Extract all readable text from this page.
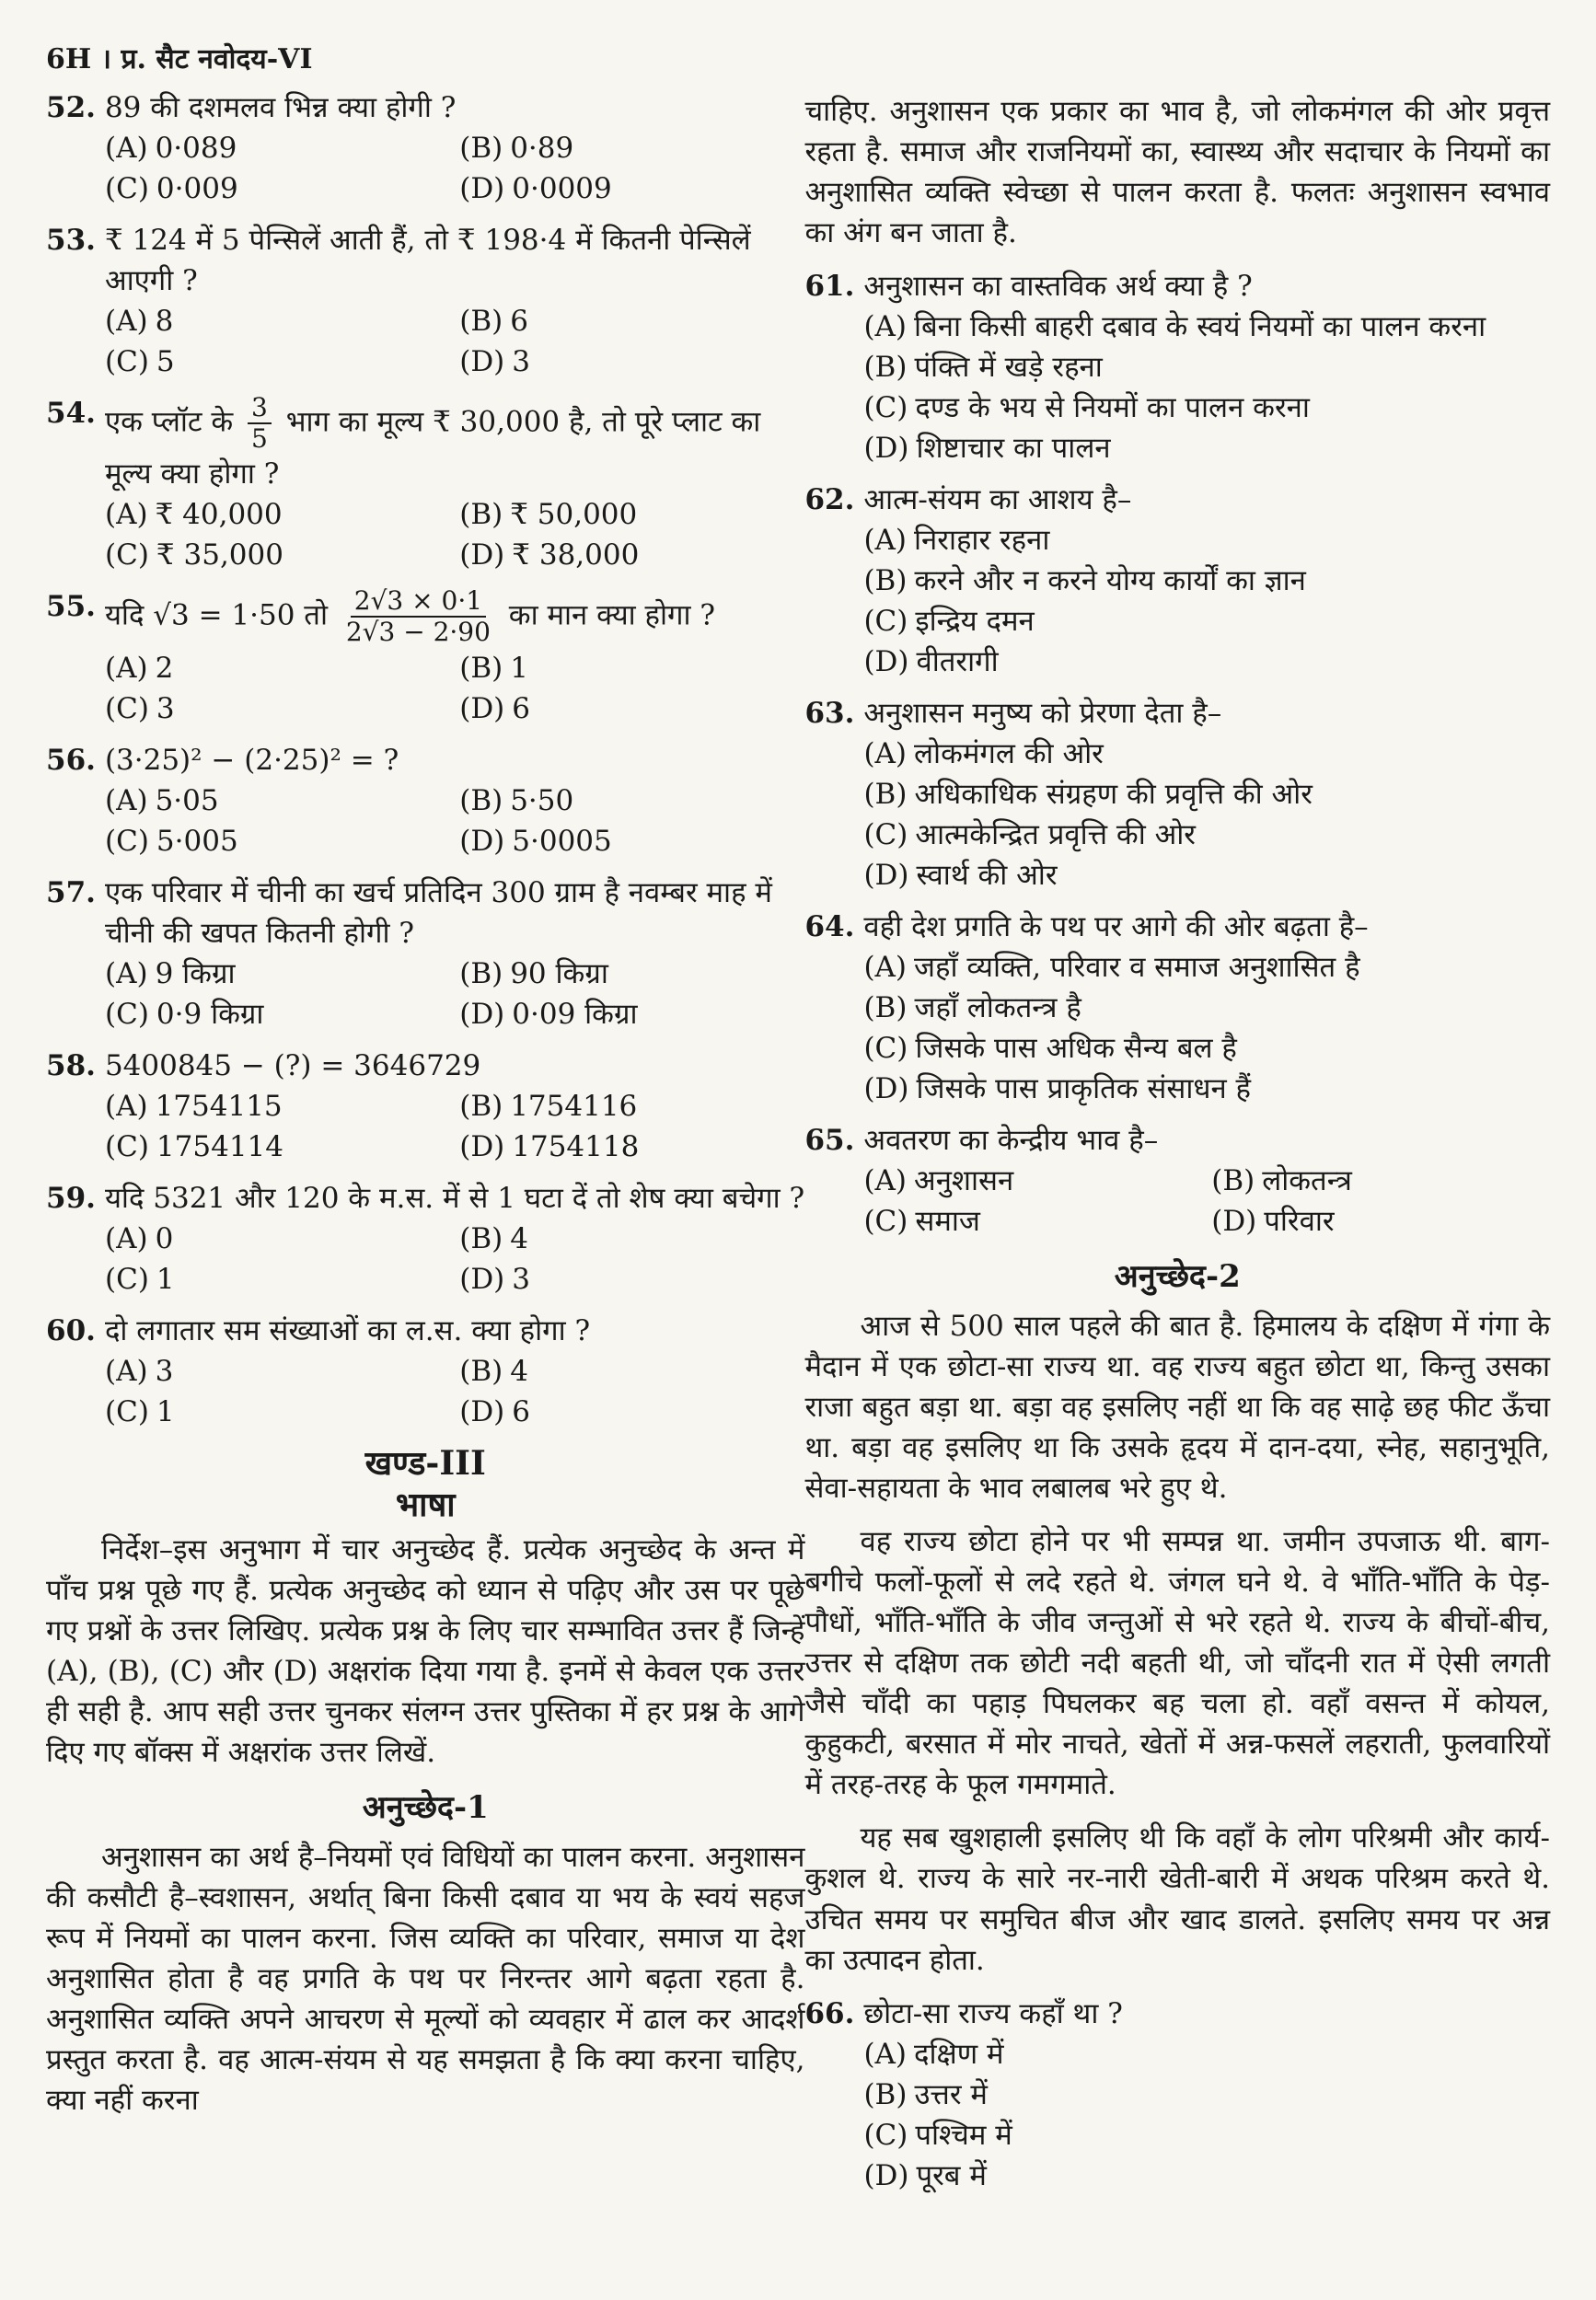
6H । प्र. सैट नवोदय-VI
52. 89 की दशमलव भिन्न क्या होगी ?
(A) 0·089	(B) 0·89
(C) 0·009	(D) 0·0009
53. ₹ 124 में 5 पेन्सिलें आती हैं, तो ₹ 198·4 में कितनी पेन्सिलें आएगी ?
(A) 8	(B) 6
(C) 5	(D) 3
54. एक प्लॉट के $\frac{3}{5}$ भाग का मूल्य ₹ 30,000 है, तो पूरे प्लाट का मूल्य क्या होगा ?
(A) ₹ 40,000	(B) ₹ 50,000
(C) ₹ 35,000	(D) ₹ 38,000
55. यदि √3 = 1·50 तो $\frac{2√3 \times 0\cdot 1}{2√3 - 2\cdot 90}$ का मान क्या होगा ?
(A) 2	(B) 1
(C) 3	(D) 6
56. (3·25)² − (2·25)² = ?
(A) 5·05	(B) 5·50
(C) 5·005	(D) 5·0005
57. एक परिवार में चीनी का खर्च प्रतिदिन 300 ग्राम है नवम्बर माह में चीनी की खपत कितनी होगी ?
(A) 9 किग्रा	(B) 90 किग्रा
(C) 0·9 किग्रा	(D) 0·09 किग्रा
58. 5400845 − (?) = 3646729
(A) 1754115	(B) 1754116
(C) 1754114	(D) 1754118
59. यदि 5321 और 120 के म.स. में से 1 घटा दें तो शेष क्या बचेगा ?
(A) 0	(B) 4
(C) 1	(D) 3
60. दो लगातार सम संख्याओं का ल.स. क्या होगा ?
(A) 3	(B) 4
(C) 1	(D) 6
खण्ड-III
भाषा
निर्देश–इस अनुभाग में चार अनुच्छेद हैं. प्रत्येक अनुच्छेद के अन्त में पाँच प्रश्न पूछे गए हैं. प्रत्येक अनुच्छेद को ध्यान से पढ़िए और उस पर पूछे गए प्रश्नों के उत्तर लिखिए. प्रत्येक प्रश्न के लिए चार सम्भावित उत्तर हैं जिन्हें (A), (B), (C) और (D) अक्षरांक दिया गया है. इनमें से केवल एक उत्तर ही सही है. आप सही उत्तर चुनकर संलग्न उत्तर पुस्तिका में हर प्रश्न के आगे दिए गए बॉक्स में अक्षरांक उत्तर लिखें.
अनुच्छेद-1
अनुशासन का अर्थ है–नियमों एवं विधियों का पालन करना. अनुशासन की कसौटी है–स्वशासन, अर्थात् बिना किसी दबाव या भय के स्वयं सहज रूप में नियमों का पालन करना. जिस व्यक्ति का परिवार, समाज या देश अनुशासित होता है वह प्रगति के पथ पर निरन्तर आगे बढ़ता रहता है. अनुशासित व्यक्ति अपने आचरण से मूल्यों को व्यवहार में ढाल कर आदर्श प्रस्तुत करता है. वह आत्म-संयम से यह समझता है कि क्या करना चाहिए, क्या नहीं करना
चाहिए. अनुशासन एक प्रकार का भाव है, जो लोकमंगल की ओर प्रवृत्त रहता है. समाज और राजनियमों का, स्वास्थ्य और सदाचार के नियमों का अनुशासित व्यक्ति स्वेच्छा से पालन करता है. फलतः अनुशासन स्वभाव का अंग बन जाता है.
61. अनुशासन का वास्तविक अर्थ क्या है ?
(A) बिना किसी बाहरी दबाव के स्वयं नियमों का पालन करना
(B) पंक्ति में खड़े रहना
(C) दण्ड के भय से नियमों का पालन करना
(D) शिष्टाचार का पालन
62. आत्म-संयम का आशय है–
(A) निराहार रहना
(B) करने और न करने योग्य कार्यों का ज्ञान
(C) इन्द्रिय दमन
(D) वीतरागी
63. अनुशासन मनुष्य को प्रेरणा देता है–
(A) लोकमंगल की ओर
(B) अधिकाधिक संग्रहण की प्रवृत्ति की ओर
(C) आत्मकेन्द्रित प्रवृत्ति की ओर
(D) स्वार्थ की ओर
64. वही देश प्रगति के पथ पर आगे की ओर बढ़ता है–
(A) जहाँ व्यक्ति, परिवार व समाज अनुशासित है
(B) जहाँ लोकतन्त्र है
(C) जिसके पास अधिक सैन्य बल है
(D) जिसके पास प्राकृतिक संसाधन हैं
65. अवतरण का केन्द्रीय भाव है–
(A) अनुशासन	(B) लोकतन्त्र
(C) समाज	(D) परिवार
अनुच्छेद-2
आज से 500 साल पहले की बात है. हिमालय के दक्षिण में गंगा के मैदान में एक छोटा-सा राज्य था. वह राज्य बहुत छोटा था, किन्तु उसका राजा बहुत बड़ा था. बड़ा वह इसलिए नहीं था कि वह साढ़े छह फीट ऊँचा था. बड़ा वह इसलिए था कि उसके हृदय में दान-दया, स्नेह, सहानुभूति, सेवा-सहायता के भाव लबालब भरे हुए थे.
वह राज्य छोटा होने पर भी सम्पन्न था. जमीन उपजाऊ थी. बाग-बगीचे फलों-फूलों से लदे रहते थे. जंगल घने थे. वे भाँति-भाँति के पेड़-पौधों, भाँति-भाँति के जीव जन्तुओं से भरे रहते थे. राज्य के बीचों-बीच, उत्तर से दक्षिण तक छोटी नदी बहती थी, जो चाँदनी रात में ऐसी लगती जैसे चाँदी का पहाड़ पिघलकर बह चला हो. वहाँ वसन्त में कोयल, कुहुकटी, बरसात में मोर नाचते, खेतों में अन्न-फसलें लहराती, फुलवारियों में तरह-तरह के फूल गमगमाते.
यह सब खुशहाली इसलिए थी कि वहाँ के लोग परिश्रमी और कार्य-कुशल थे. राज्य के सारे नर-नारी खेती-बारी में अथक परिश्रम करते थे. उचित समय पर समुचित बीज और खाद डालते. इसलिए समय पर अन्न का उत्पादन होता.
66. छोटा-सा राज्य कहाँ था ?
(A) दक्षिण में
(B) उत्तर में
(C) पश्चिम में
(D) पूरब में
